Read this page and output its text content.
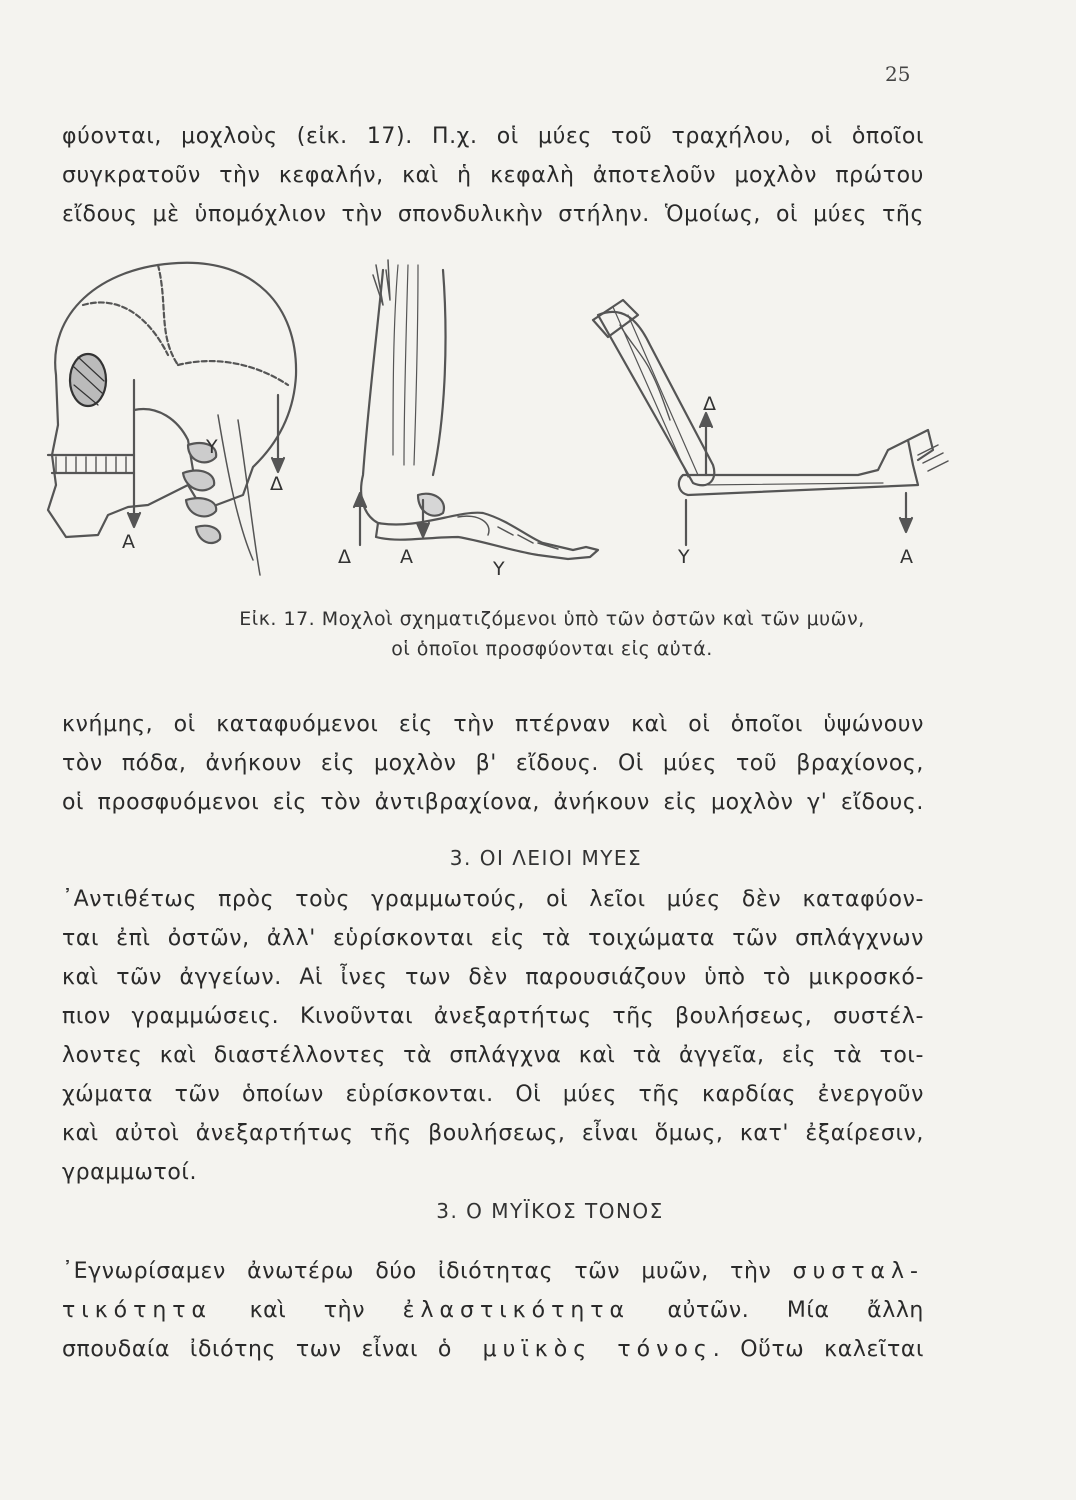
25

φύονται, μοχλοὺς (εἰκ. 17). Π.χ. οἱ μύες τοῦ τραχήλου, οἱ ὁποῖοι
συγκρατοῦν τὴν κεφαλήν, καὶ ἡ κεφαλὴ ἀποτελοῦν μοχλὸν πρώτου
εἴδους μὲ ὑπομόχλιον τὴν σπονδυλικὴν στήλην. Ὁμοίως, οἱ μύες τῆς

A
Y
Δ
Δ	A
Y
Δ
Y	A
Εἰκ. 17. Μοχλοὶ σχηματιζόμενοι ὑπὸ τῶν ὀστῶν καὶ τῶν μυῶν,
οἱ ὁποῖοι προσφύονται εἰς αὐτά.

κνήμης, οἱ καταφυόμενοι εἰς τὴν πτέρναν καὶ οἱ ὁποῖοι ὑψώνουν
τὸν πόδα, ἀνήκουν εἰς μοχλὸν β' εἴδους. Οἱ μύες τοῦ βραχίονος,
οἱ προσφυόμενοι εἰς τὸν ἀντιβραχίονα, ἀνήκουν εἰς μοχλὸν γ' εἴδους.

3. ΟΙ ΛΕΙΟΙ ΜΥΕΣ

᾿Αντιθέτως πρὸς τοὺς γραμμωτούς, οἱ λεῖοι μύες δὲν καταφύον-
ται ἐπὶ ὀστῶν, ἀλλ' εὑρίσκονται εἰς τὰ τοιχώματα τῶν σπλάγχνων
καὶ τῶν ἀγγείων. Αἱ ἶνες των δὲν παρουσιάζουν ὑπὸ τὸ μικροσκό-
πιον γραμμώσεις. Κινοῦνται ἀνεξαρτήτως τῆς βουλήσεως, συστέλ-
λοντες καὶ διαστέλλοντες τὰ σπλάγχνα καὶ τὰ ἀγγεῖα, εἰς τὰ τοι-
χώματα τῶν ὁποίων εὑρίσκονται. Οἱ μύες τῆς καρδίας ἐνεργοῦν
καὶ αὐτοὶ ἀνεξαρτήτως τῆς βουλήσεως, εἶναι ὅμως, κατ' ἐξαίρεσιν,
γραμμωτοί.

3. Ο ΜΥΪΚΟΣ ΤΟΝΟΣ

᾿Εγνωρίσαμεν ἀνωτέρω δύο ἰδιότητας τῶν μυῶν, τὴν συσταλ-
τικότητα καὶ τὴν ἐλαστικότητα αὐτῶν. Μία ἄλλη
σπουδαία ἰδιότης των εἶναι ὁ μυϊκὸς τόνος. Οὕτω καλεῖται
